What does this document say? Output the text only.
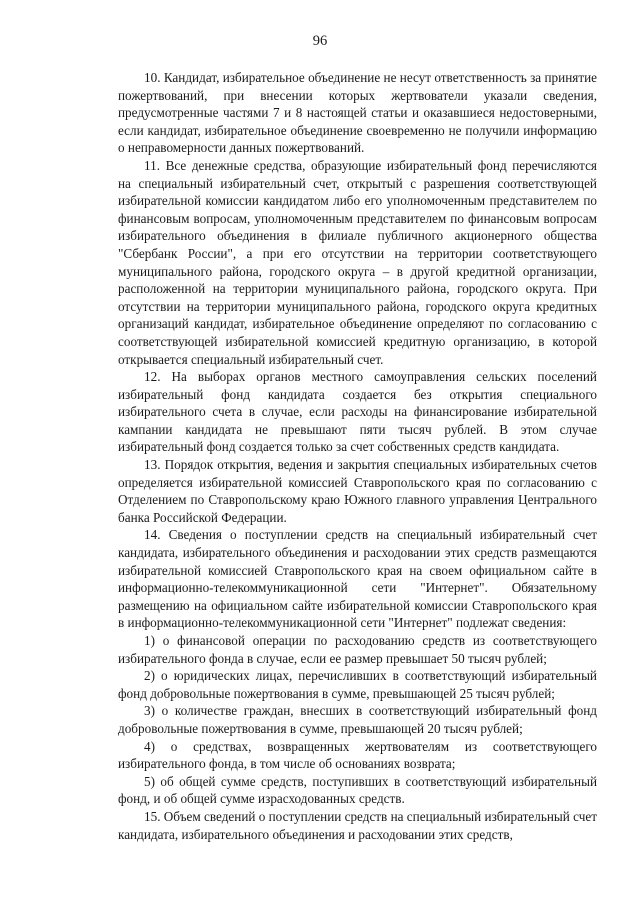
96

10. Кандидат, избирательное объединение не несут ответственность за принятие пожертвований, при внесении которых жертвователи указали сведения, предусмотренные частями 7 и 8 настоящей статьи и оказавшиеся недостоверными, если кандидат, избирательное объединение своевременно не получили информацию о неправомерности данных пожертвований.

11. Все денежные средства, образующие избирательный фонд перечисляются на специальный избирательный счет, открытый с разрешения соответствующей избирательной комиссии кандидатом либо его уполномоченным представителем по финансовым вопросам, уполномоченным представителем по финансовым вопросам избирательного объединения в филиале публичного акционерного общества "Сбербанк России", а при его отсутствии на территории соответствующего муниципального района, городского округа – в другой кредитной организации, расположенной на территории муниципального района, городского округа. При отсутствии на территории муниципального района, городского округа кредитных организаций кандидат, избирательное объединение определяют по согласованию с соответствующей избирательной комиссией кредитную организацию, в которой открывается специальный избирательный счет.

12. На выборах органов местного самоуправления сельских поселений избирательный фонд кандидата создается без открытия специального избирательного счета в случае, если расходы на финансирование избирательной кампании кандидата не превышают пяти тысяч рублей. В этом случае избирательный фонд создается только за счет собственных средств кандидата.

13. Порядок открытия, ведения и закрытия специальных избирательных счетов определяется избирательной комиссией Ставропольского края по согласованию с Отделением по Ставропольскому краю Южного главного управления Центрального банка Российской Федерации.

14. Сведения о поступлении средств на специальный избирательный счет кандидата, избирательного объединения и расходовании этих средств размещаются избирательной комиссией Ставропольского края на своем официальном сайте в информационно-телекоммуникационной сети "Интернет". Обязательному размещению на официальном сайте избирательной комиссии Ставропольского края в информационно-телекоммуникационной сети "Интернет" подлежат сведения:

1) о финансовой операции по расходованию средств из соответствующего избирательного фонда в случае, если ее размер превышает 50 тысяч рублей;

2) о юридических лицах, перечисливших в соответствующий избирательный фонд добровольные пожертвования в сумме, превышающей 25 тысяч рублей;

3) о количестве граждан, внесших в соответствующий избирательный фонд добровольные пожертвования в сумме, превышающей 20 тысяч рублей;

4) о средствах, возвращенных жертвователям из соответствующего избирательного фонда, в том числе об основаниях возврата;

5) об общей сумме средств, поступивших в соответствующий избирательный фонд, и об общей сумме израсходованных средств.

15. Объем сведений о поступлении средств на специальный избирательный счет кандидата, избирательного объединения и расходовании этих средств,
